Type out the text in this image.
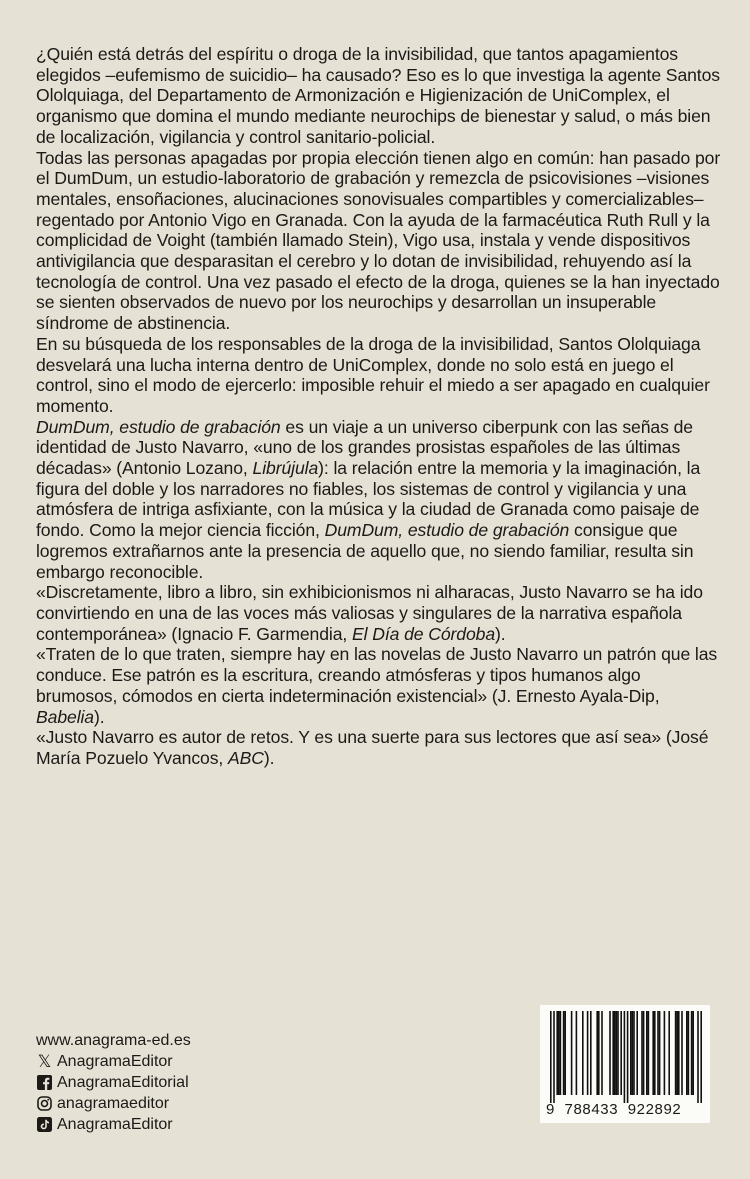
¿Quién está detrás del espíritu o droga de la invisibilidad, que tantos apagamientos elegidos –eufemismo de suicidio– ha causado? Eso es lo que investiga la agente Santos Ololquiaga, del Departamento de Armonización e Higienización de UniComplex, el organismo que domina el mundo mediante neurochips de bienestar y salud, o más bien de localización, vigilancia y control sanitario-policial.

Todas las personas apagadas por propia elección tienen algo en común: han pasado por el DumDum, un estudio-laboratorio de grabación y remezcla de psicovisiones –visiones mentales, ensoñaciones, alucinaciones sonovisuales compartibles y comercializables– regentado por Antonio Vigo en Granada. Con la ayuda de la farmacéutica Ruth Rull y la complicidad de Voight (también llamado Stein), Vigo usa, instala y vende dispositivos antivigilancia que desparasitan el cerebro y lo dotan de invisibilidad, rehuyendo así la tecnología de control. Una vez pasado el efecto de la droga, quienes se la han inyectado se sienten observados de nuevo por los neurochips y desarrollan un insuperable síndrome de abstinencia.

En su búsqueda de los responsables de la droga de la invisibilidad, Santos Ololquiaga desvelará una lucha interna dentro de UniComplex, donde no solo está en juego el control, sino el modo de ejercerlo: imposible rehuir el miedo a ser apagado en cualquier momento.

DumDum, estudio de grabación es un viaje a un universo ciberpunk con las señas de identidad de Justo Navarro, «uno de los grandes prosistas españoles de las últimas décadas» (Antonio Lozano, Librújula): la relación entre la memoria y la imaginación, la figura del doble y los narradores no fiables, los sistemas de control y vigilancia y una atmósfera de intriga asfixiante, con la música y la ciudad de Granada como paisaje de fondo. Como la mejor ciencia ficción, DumDum, estudio de grabación consigue que logremos extrañarnos ante la presencia de aquello que, no siendo familiar, resulta sin embargo reconocible.

«Discretamente, libro a libro, sin exhibicionismos ni alharacas, Justo Navarro se ha ido convirtiendo en una de las voces más valiosas y singulares de la narrativa española contemporánea» (Ignacio F. Garmendia, El Día de Córdoba).

«Traten de lo que traten, siempre hay en las novelas de Justo Navarro un patrón que las conduce. Ese patrón es la escritura, creando atmósferas y tipos humanos algo brumosos, cómodos en cierta indeterminación existencial» (J. Ernesto Ayala-Dip, Babelia).

«Justo Navarro es autor de retos. Y es una suerte para sus lectores que así sea» (José María Pozuelo Yvancos, ABC).

www.anagrama-ed.es
𝕏 AnagramaEditor
AnagramaEditorial
anagramaeditor
AnagramaEditor
9 788433 922892
